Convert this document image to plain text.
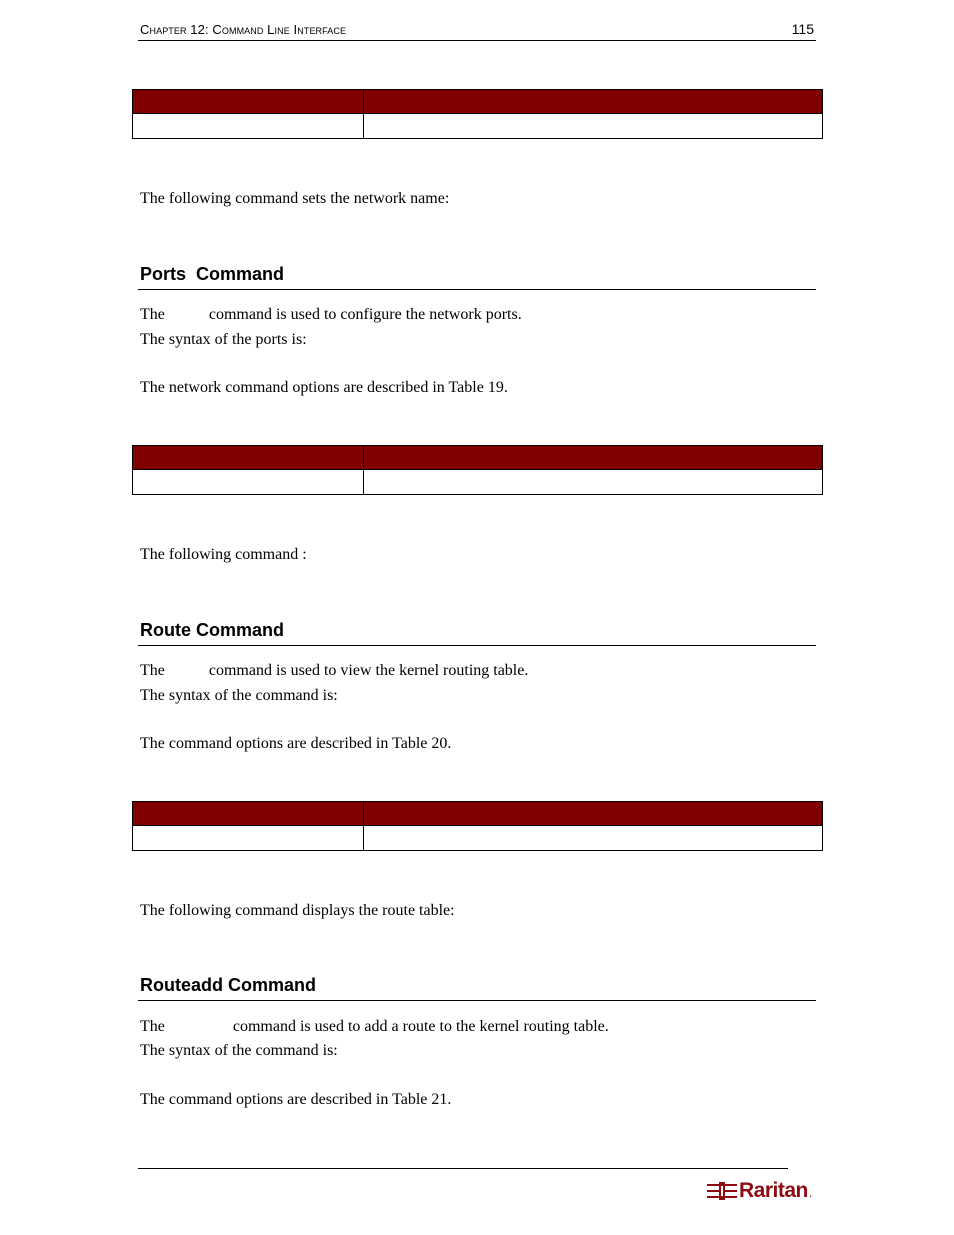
Chapter 12: Command Line Interface	115

The following command sets the network name:
Ports  Command
The           command is used to configure the network ports.
The syntax of the ports is:
The network command options are described in Table 19.

The following command :
Route Command
The           command is used to view the kernel routing table.
The syntax of the command is:
The command options are described in Table 20.

The following command displays the route table:
Routeadd Command
The                 command is used to add a route to the kernel routing table.
The syntax of the command is:
The command options are described in Table 21.
Raritan .
